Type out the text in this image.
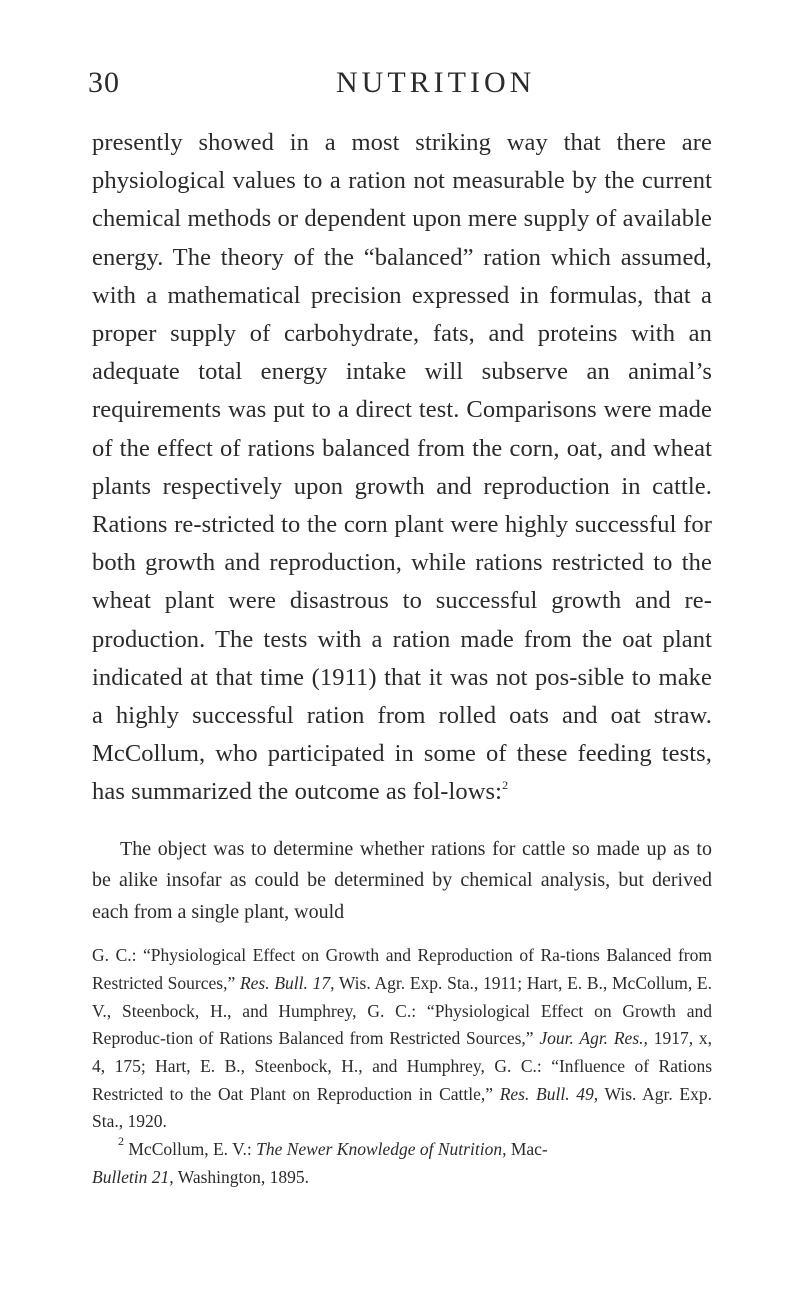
30	NUTRITION

presently showed in a most striking way that there are physiological values to a ration not measurable by the current chemical methods or dependent upon mere supply of available energy. The theory of the “balanced” ration which assumed, with a mathematical precision expressed in formulas, that a proper supply of carbohydrate, fats, and proteins with an adequate total energy intake will subserve an animal’s requirements was put to a direct test. Comparisons were made of the effect of rations balanced from the corn, oat, and wheat plants respectively upon growth and reproduction in cattle. Rations re-stricted to the corn plant were highly successful for both growth and reproduction, while rations restricted to the wheat plant were disastrous to successful growth and re-production. The tests with a ration made from the oat plant indicated at that time (1911) that it was not pos-sible to make a highly successful ration from rolled oats and oat straw. McCollum, who participated in some of these feeding tests, has summarized the outcome as fol-lows:$^2$

The object was to determine whether rations for cattle so made up as to be alike insofar as could be determined by chemical analysis, but derived each from a single plant, would

G. C.: “Physiological Effect on Growth and Reproduction of Ra-tions Balanced from Restricted Sources,” Res. Bull. 17, Wis. Agr. Exp. Sta., 1911; Hart, E. B., McCollum, E. V., Steenbock, H., and Humphrey, G. C.: “Physiological Effect on Growth and Reproduc-tion of Rations Balanced from Restricted Sources,” Jour. Agr. Res., 1917, x, 4, 175; Hart, E. B., Steenbock, H., and Humphrey, G. C.: “Influence of Rations Restricted to the Oat Plant on Reproduction in Cattle,” Res. Bull. 49, Wis. Agr. Exp. Sta., 1920.

$^2$ McCollum, E. V.: The Newer Knowledge of Nutrition, Mac-

Bulletin 21, Washington, 1895.
